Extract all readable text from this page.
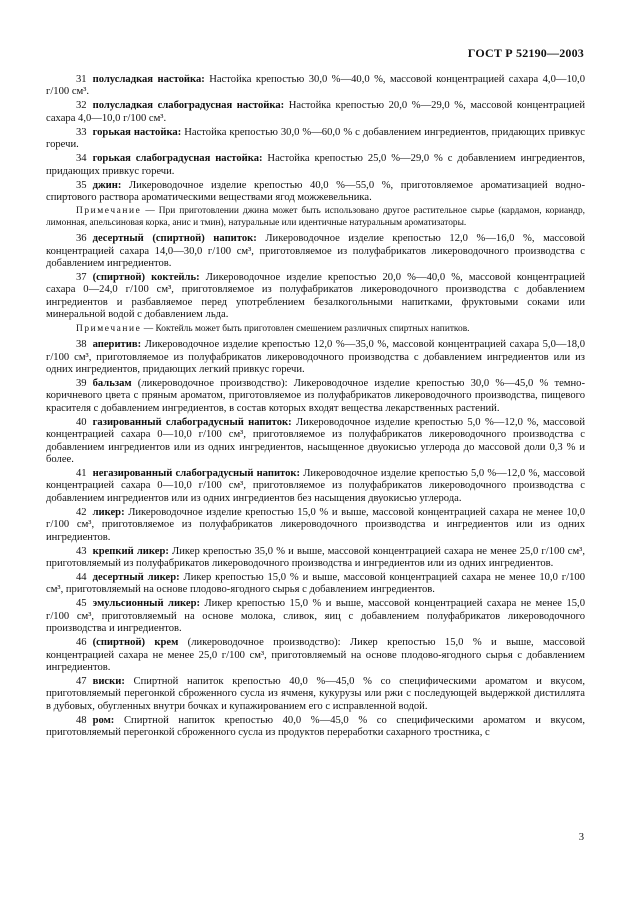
ГОСТ Р 52190—2003

31 полусладкая настойка: Настойка крепостью 30,0 %—40,0 %, массовой концентрацией сахара 4,0—10,0 г/100 см³.

32 полусладкая слабоградусная настойка: Настойка крепостью 20,0 %—29,0 %, массовой концентрацией сахара 4,0—10,0 г/100 см³.

33 горькая настойка: Настойка крепостью 30,0 %—60,0 % с добавлением ингредиентов, придающих привкус горечи.

34 горькая слабоградусная настойка: Настойка крепостью 25,0 %—29,0 % с добавлением ингредиентов, придающих привкус горечи.

35 джин: Ликероводочное изделие крепостью 40,0 %—55,0 %, приготовляемое ароматизацией водно-спиртового раствора ароматическими веществами ягод можжевельника.

Примечание — При приготовлении джина может быть использовано другое растительное сырье (кардамон, кориандр, лимонная, апельсиновая корка, анис и тмин), натуральные или идентичные натуральным ароматизаторы.

36 десертный (спиртной) напиток: Ликероводочное изделие крепостью 12,0 %—16,0 %, массовой концентрацией сахара 14,0—30,0 г/100 см³, приготовляемое из полуфабрикатов ликероводочного производства с добавлением ингредиентов.

37 (спиртной) коктейль: Ликероводочное изделие крепостью 20,0 %—40,0 %, массовой концентрацией сахара 0—24,0 г/100 см³, приготовляемое из полуфабрикатов ликероводочного производства с добавлением ингредиентов и разбавляемое перед употреблением безалкогольными напитками, фруктовыми соками или минеральной водой с добавлением льда.

Примечание — Коктейль может быть приготовлен смешением различных спиртных напитков.

38 аперитив: Ликероводочное изделие крепостью 12,0 %—35,0 %, массовой концентрацией сахара 5,0—18,0 г/100 см³, приготовляемое из полуфабрикатов ликероводочного производства с добавлением ингредиентов или из одних ингредиентов, придающих легкий привкус горечи.

39 бальзам (ликероводочное производство): Ликероводочное изделие крепостью 30,0 %—45,0 % темно-коричневого цвета с пряным ароматом, приготовляемое из полуфабрикатов ликероводочного производства, пищевого красителя с добавлением ингредиентов, в состав которых входят вещества лекарственных растений.

40 газированный слабоградусный напиток: Ликероводочное изделие крепостью 5,0 %—12,0 %, массовой концентрацией сахара 0—10,0 г/100 см³, приготовляемое из полуфабрикатов ликероводочного производства с добавлением ингредиентов или из одних ингредиентов, насыщенное двуокисью углерода до массовой доли 0,3 % и более.

41 негазированный слабоградусный напиток: Ликероводочное изделие крепостью 5,0 %—12,0 %, массовой концентрацией сахара 0—10,0 г/100 см³, приготовляемое из полуфабрикатов ликероводочного производства с добавлением ингредиентов или из одних ингредиентов без насыщения двуокисью углерода.

42 ликер: Ликероводочное изделие крепостью 15,0 % и выше, массовой концентрацией сахара не менее 10,0 г/100 см³, приготовляемое из полуфабрикатов ликероводочного производства и ингредиентов или из одних ингредиентов.

43 крепкий ликер: Ликер крепостью 35,0 % и выше, массовой концентрацией сахара не менее 25,0 г/100 см³, приготовляемый из полуфабрикатов ликероводочного производства и ингредиентов или из одних ингредиентов.

44 десертный ликер: Ликер крепостью 15,0 % и выше, массовой концентрацией сахара не менее 10,0 г/100 см³, приготовляемый на основе плодово-ягодного сырья с добавлением ингредиентов.

45 эмульсионный ликер: Ликер крепостью 15,0 % и выше, массовой концентрацией сахара не менее 15,0 г/100 см³, приготовляемый на основе молока, сливок, яиц с добавлением полуфабрикатов ликероводочного производства и ингредиентов.

46 (спиртной) крем (ликероводочное производство): Ликер крепостью 15,0 % и выше, массовой концентрацией сахара не менее 25,0 г/100 см³, приготовляемый на основе плодово-ягодного сырья с добавлением ингредиентов.

47 виски: Спиртной напиток крепостью 40,0 %—45,0 % со специфическими ароматом и вкусом, приготовляемый перегонкой сброженного сусла из ячменя, кукурузы или ржи с последующей выдержкой дистиллята в дубовых, обугленных внутри бочках и купажированием его с исправленной водой.

48 ром: Спиртной напиток крепостью 40,0 %—45,0 % со специфическими ароматом и вкусом, приготовляемый перегонкой сброженного сусла из продуктов переработки сахарного тростника, с

3
